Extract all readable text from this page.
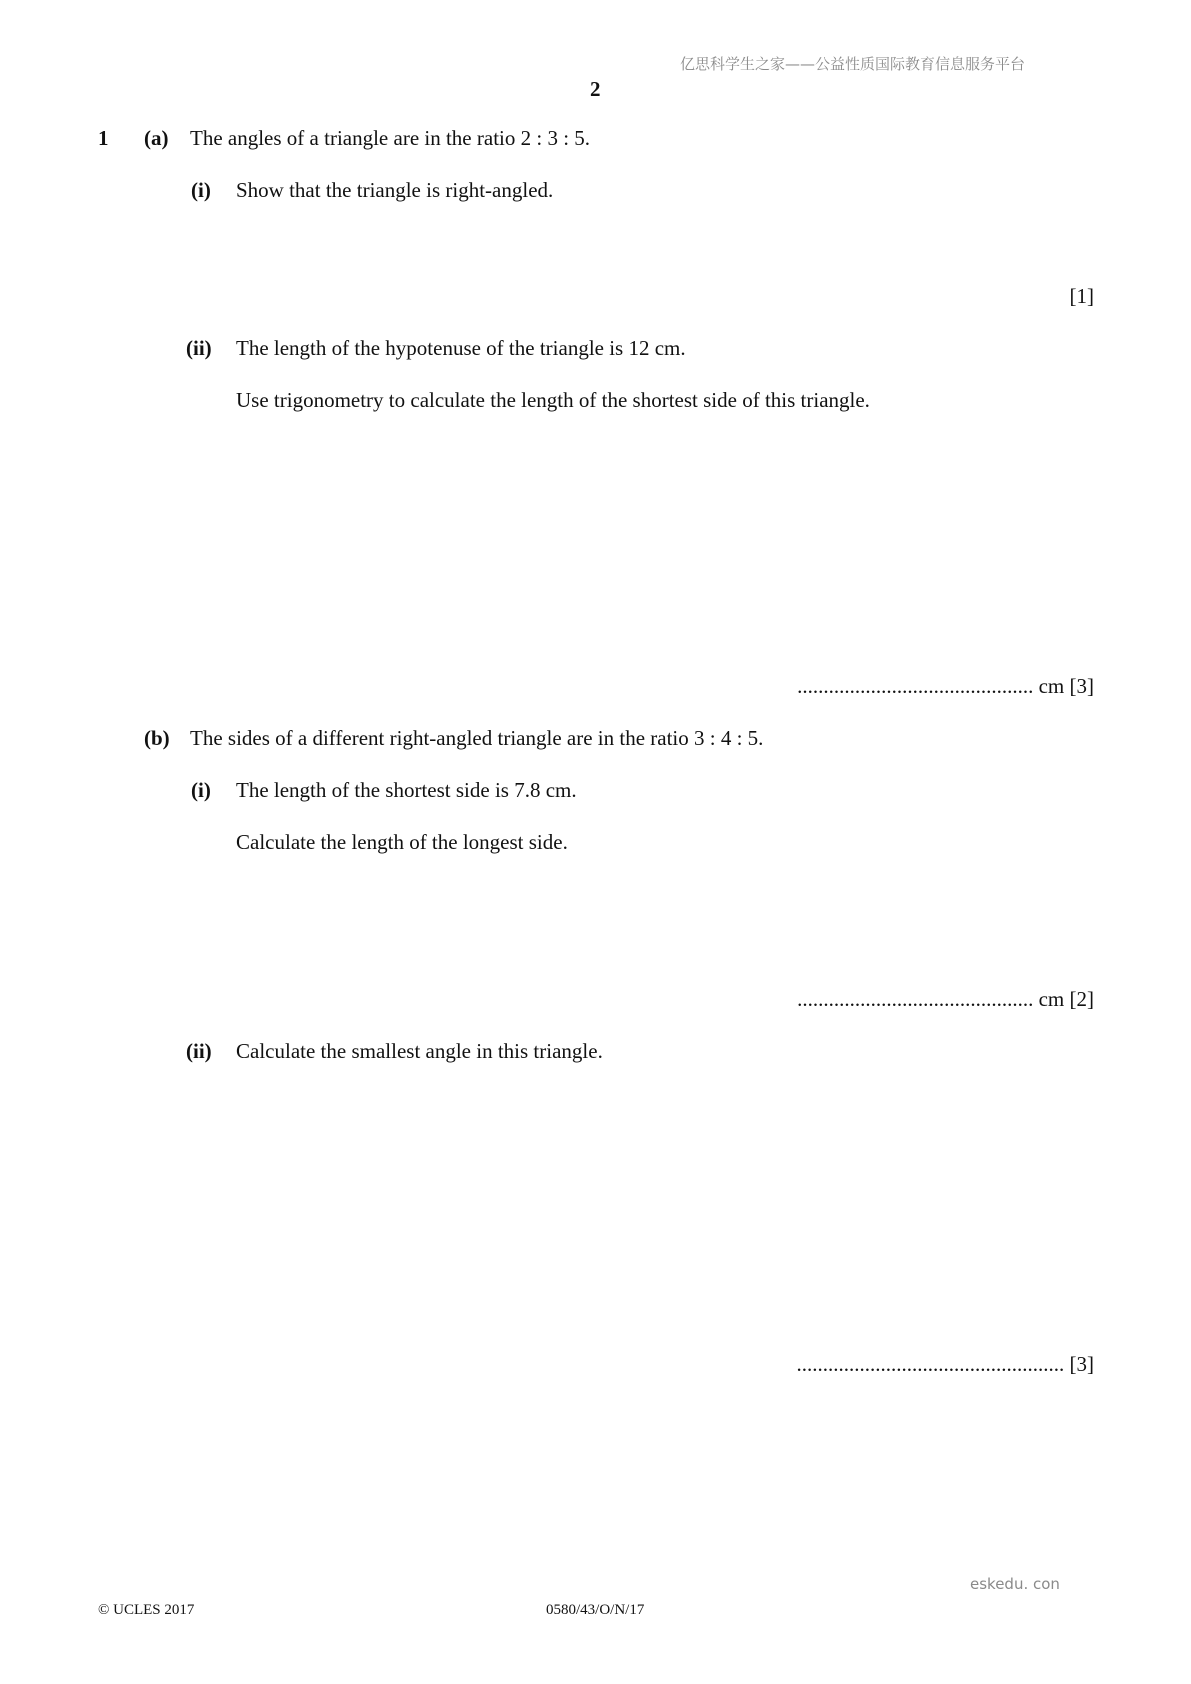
亿思科学生之家——公益性质国际教育信息服务平台
2
1 (a) The angles of a triangle are in the ratio 2 : 3 : 5.
(i) Show that the triangle is right-angled.
[1]
(ii) The length of the hypotenuse of the triangle is 12 cm.
Use trigonometry to calculate the length of the shortest side of this triangle.
............................................. cm [3]
(b) The sides of a different right-angled triangle are in the ratio 3 : 4 : 5.
(i) The length of the shortest side is 7.8 cm.
Calculate the length of the longest side.
............................................. cm [2]
(ii) Calculate the smallest angle in this triangle.
................................................... [3]
eskedu. con
© UCLES 2017	0580/43/O/N/17
